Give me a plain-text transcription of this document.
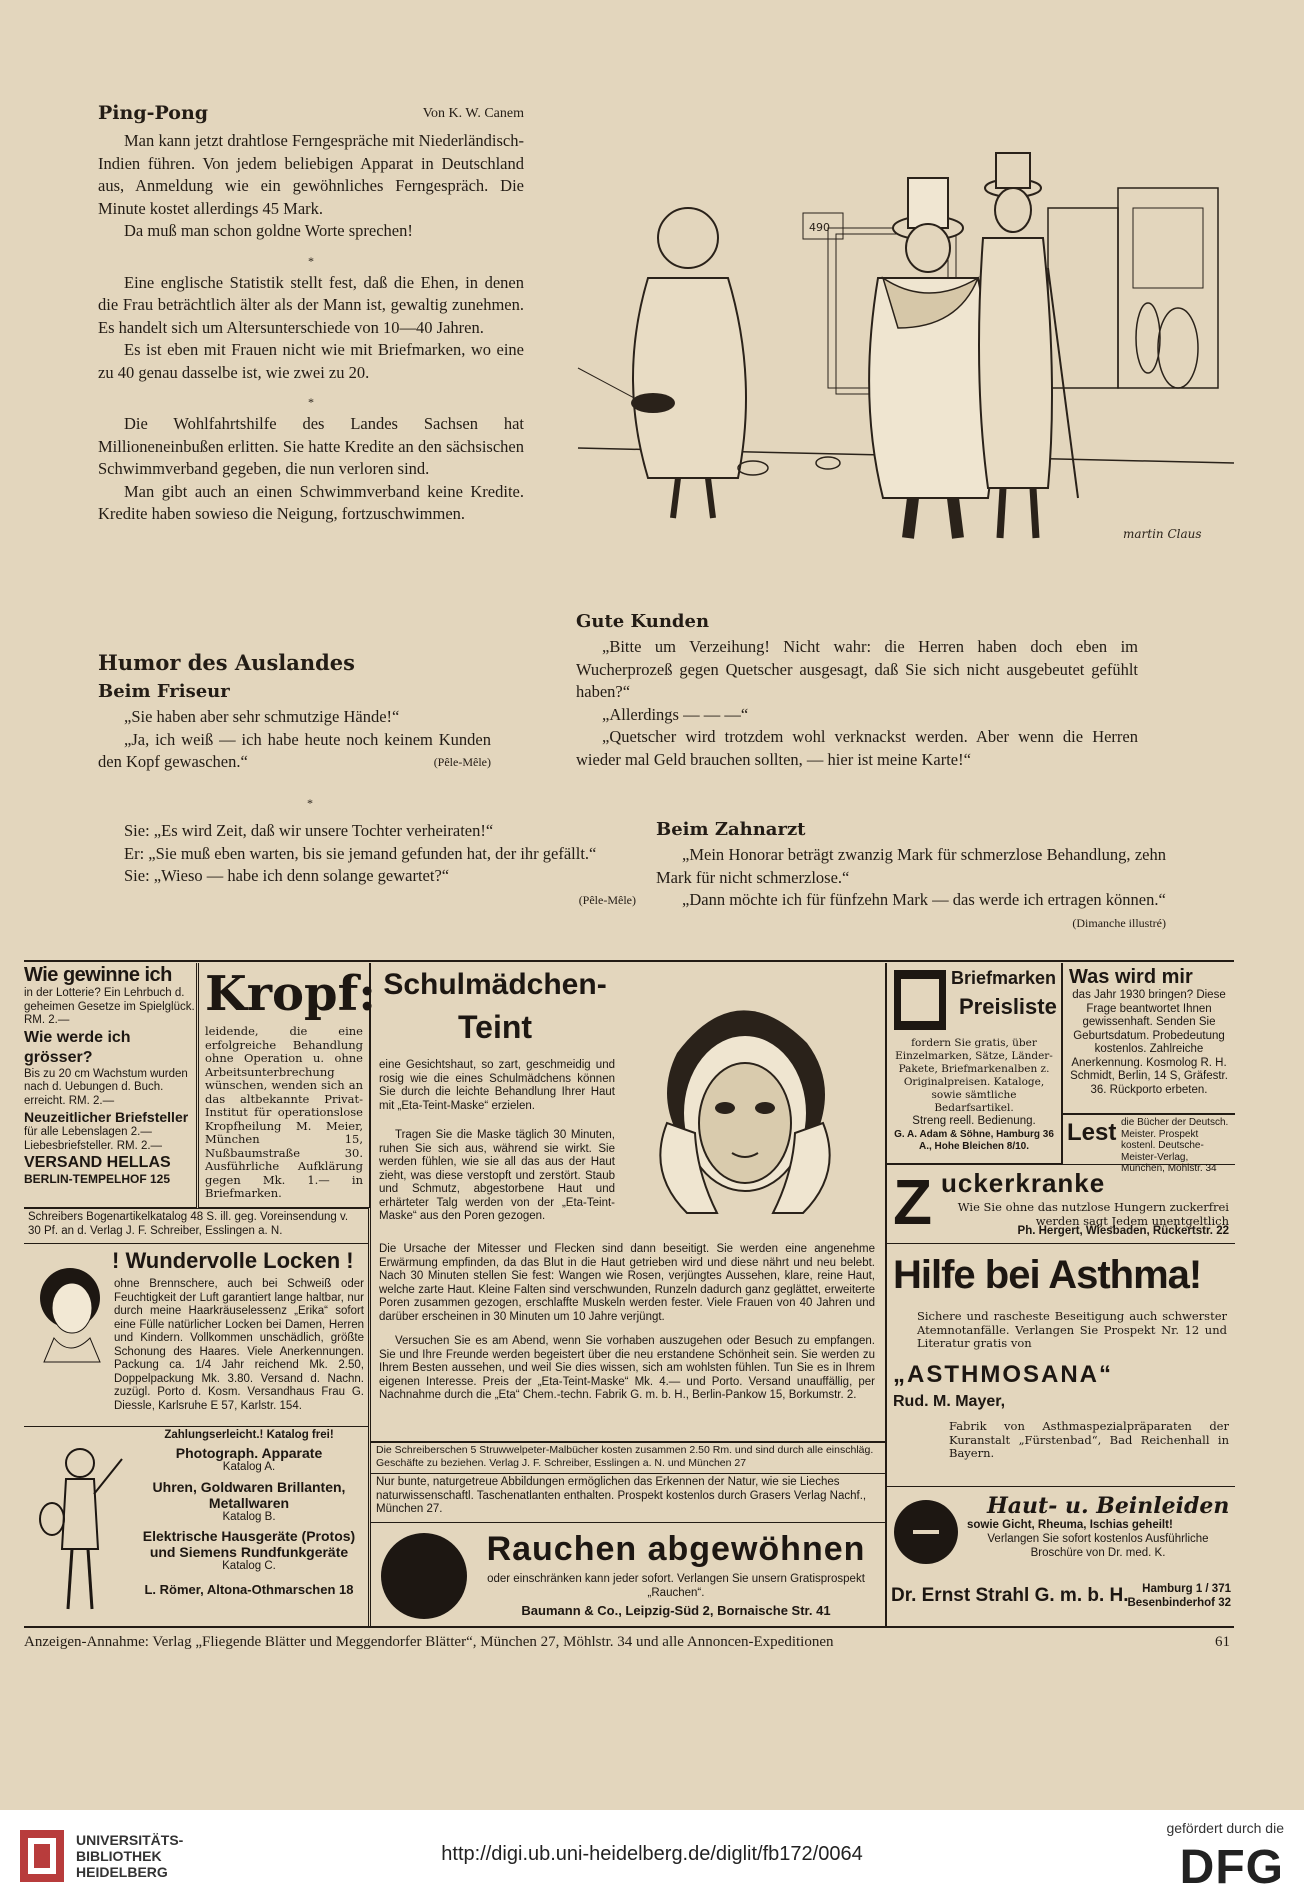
Ping-Pong	Von K. W. Canem

Man kann jetzt drahtlose Ferngespräche mit Niederländisch-Indien führen. Von jedem beliebigen Apparat in Deutschland aus, Anmeldung wie ein gewöhnliches Ferngespräch. Die Minute kostet allerdings 45 Mark.

Da muß man schon goldne Worte sprechen!

*

Eine englische Statistik stellt fest, daß die Ehen, in denen die Frau beträchtlich älter als der Mann ist, gewaltig zunehmen. Es handelt sich um Altersunterschiede von 10—40 Jahren.

Es ist eben mit Frauen nicht wie mit Briefmarken, wo eine zu 40 genau dasselbe ist, wie zwei zu 20.

*

Die Wohlfahrtshilfe des Landes Sachsen hat Millioneneinbußen erlitten. Sie hatte Kredite an den sächsischen Schwimmverband gegeben, die nun verloren sind.

Man gibt auch an einen Schwimmverband keine Kredite. Kredite haben sowieso die Neigung, fortzuschwimmen.

Humor des Auslandes
Beim Friseur

„Sie haben aber sehr schmutzige Hände!“

„Ja, ich weiß — ich habe heute noch keinem Kunden den Kopf gewaschen.“	(Pêle-Mêle)

*

Sie: „Es wird Zeit, daß wir unsere Tochter verheiraten!“

Er: „Sie muß eben warten, bis sie jemand gefunden hat, der ihr gefällt.“

Sie: „Wieso — habe ich denn solange gewartet?“

(Pêle-Mêle)

490
martin Claus
Gute Kunden

„Bitte um Verzeihung! Nicht wahr: die Herren haben doch eben im Wucherprozeß gegen Quetscher ausgesagt, daß Sie sich nicht ausgebeutet gefühlt haben?“

„Allerdings — — —“

„Quetscher wird trotzdem wohl verknackst werden. Aber wenn die Herren wieder mal Geld brauchen sollten, — hier ist meine Karte!“

Beim Zahnarzt

„Mein Honorar beträgt zwanzig Mark für schmerzlose Behandlung, zehn Mark für nicht schmerzlose.“

„Dann möchte ich für fünfzehn Mark — das werde ich ertragen können.“
(Dimanche illustré)

Wie gewinne ich

in der Lotterie? Ein Lehrbuch d. geheimen Gesetze im Spielglück. RM. 2.—

Wie werde ich grösser?

Bis zu 20 cm Wachstum wurden nach d. Uebungen d. Buch. erreicht. RM. 2.—

Neuzeitlicher Briefsteller

für alle Lebenslagen 2.— Liebesbriefsteller. RM. 2.—

VERSAND HELLAS
BERLIN-TEMPELHOF 125
Kropf:

leidende, die eine erfolgreiche Behandlung ohne Operation u. ohne Arbeitsunterbrechung wünschen, wenden sich an das altbekannte Privat-Institut für operationslose Kropfheilung M. Meier, München 15, Nußbaumstraße 30. Ausführliche Aufklärung gegen Mk. 1.— in Briefmarken.

Schreibers Bogenartikelkatalog 48 S. ill. geg. Voreinsendung v. 30 Pf. an d. Verlag J. F. Schreiber, Esslingen a. N.

! Wundervolle Locken !

ohne Brennschere, auch bei Schweiß oder Feuchtigkeit der Luft garantiert lange haltbar, nur durch meine Haarkräuselessenz „Erika“ sofort eine Fülle natürlicher Locken bei Damen, Herren und Kindern. Vollkommen unschädlich, größte Schonung des Haares. Viele Anerkennungen. Packung ca. 1/4 Jahr reichend Mk. 2.50, Doppelpackung Mk. 3.80. Versand d. Nachn. zuzügl. Porto d. Kosm. Versandhaus Frau G. Diessle, Karlsruhe E 57, Karlstr. 154.

Zahlungserleicht.! Katalog frei!
Photograph. Apparate
Katalog A.
Uhren, Goldwaren Brillanten, Metallwaren
Katalog B.
Elektrische Hausgeräte (Protos) und Siemens Rundfunkgeräte
Katalog C.
L. Römer, Altona-Othmarschen 18
Schulmädchen-
Teint

eine Gesichtshaut, so zart, geschmeidig und rosig wie die eines Schulmädchens können Sie durch die leichte Behandlung Ihrer Haut mit „Eta-Teint-Maske“ erzielen.

Tragen Sie die Maske täglich 30 Minuten, ruhen Sie sich aus, während sie wirkt. Sie werden fühlen, wie sie all das aus der Haut zieht, was diese verstopft und zerstört. Staub und Schmutz, abgestorbene Haut und erhärteter Talg werden von der „Eta-Teint-Maske“ aus den Poren gezogen.

Die Ursache der Mitesser und Flecken sind dann beseitigt. Sie werden eine angenehme Erwärmung empfinden, da das Blut in die Haut getrieben wird und diese nährt und neu belebt. Nach 30 Minuten stellen Sie fest: Wangen wie Rosen, verjüngtes Aussehen, klare, reine Haut, welche zarte Haut. Kleine Falten sind verschwunden, Runzeln dadurch ganz geglättet, erweiterte Poren zusammen gezogen, erschlaffte Muskeln werden fester. Viele Frauen von 40 Jahren und darüber erscheinen in 30 Minuten um 10 Jahre verjüngt.

Versuchen Sie es am Abend, wenn Sie vorhaben auszugehen oder Besuch zu empfangen. Sie und Ihre Freunde werden begeistert über die neu erstandene Schönheit sein. Sie werden zu Ihrem Besten aussehen, und weil Sie dies wissen, sich am wohlsten fühlen. Tun Sie es in Ihrem eigenen Interesse. Preis der „Eta-Teint-Maske“ Mk. 4.— und Porto. Versand unauffällig, per Nachnahme durch die „Eta“ Chem.-techn. Fabrik G. m. b. H., Berlin-Pankow 15, Borkumstr. 2.

Die Schreiberschen 5 Struwwelpeter-Malbücher kosten zusammen 2.50 Rm. und sind durch alle einschläg. Geschäfte zu beziehen. Verlag J. F. Schreiber, Esslingen a. N. und München 27

Nur bunte, naturgetreue Abbildungen ermöglichen das Erkennen der Natur, wie sie Lieches naturwissenschaftl. Taschenatlanten enthalten. Prospekt kostenlos durch Grasers Verlag Nachf., München 27.

Rauchen abgewöhnen

oder einschränken kann jeder sofort. Verlangen Sie unsern Gratisprospekt „Rauchen“.

Baumann & Co., Leipzig-Süd 2, Bornaische Str. 41
Briefmarken
Preisliste

fordern Sie gratis, über Einzelmarken, Sätze, Länder-Pakete, Briefmarkenalben z. Originalpreisen. Kataloge, sowie sämtliche Bedarfsartikel.

Streng reell. Bedienung.

G. A. Adam & Söhne, Hamburg 36 A., Hohe Bleichen 8/10.

Was wird mir

das Jahr 1930 bringen? Diese Frage beantwortet Ihnen gewissenhaft. Senden Sie Geburtsdatum. Probedeutung kostenlos. Zahlreiche Anerkennung. Kosmolog R. H. Schmidt, Berlin, 14 S, Gräfestr. 36. Rückporto erbeten.

Lest die Bücher der Deutsch. Meister. Prospekt kostenl. Deutsche-Meister-Verlag, München, Möhlstr. 34

Z uckerkranke

Wie Sie ohne das nutzlose Hungern zuckerfrei werden sagt Jedem unentgeltlich

Ph. Hergert, Wiesbaden, Rückertstr. 22

Hilfe bei Asthma!

Sichere und rascheste Beseitigung auch schwerster Atemnotanfälle. Verlangen Sie Prospekt Nr. 12 und Literatur gratis von

„ASTHMOSANA“
Rud. M. Mayer,

Fabrik von Asthmaspezialpräparaten der Kuranstalt „Fürstenbad“, Bad Reichenhall in Bayern.

Haut- u. Beinleiden
sowie Gicht, Rheuma, Ischias geheilt!

Verlangen Sie sofort kostenlos Ausführliche Broschüre von Dr. med. K.

Dr. Ernst Strahl G. m. b. H.	Hamburg 1 / 371 Besenbinderhof 32
Anzeigen-Annahme: Verlag „Fliegende Blätter und Meggendorfer Blätter“, München 27, Möhlstr. 34 und alle Annoncen-Expeditionen	61
UNIVERSITÄTS-
BIBLIOTHEK
HEIDELBERG
http://digi.ub.uni-heidelberg.de/diglit/fb172/0064
gefördert durch die
DFG
